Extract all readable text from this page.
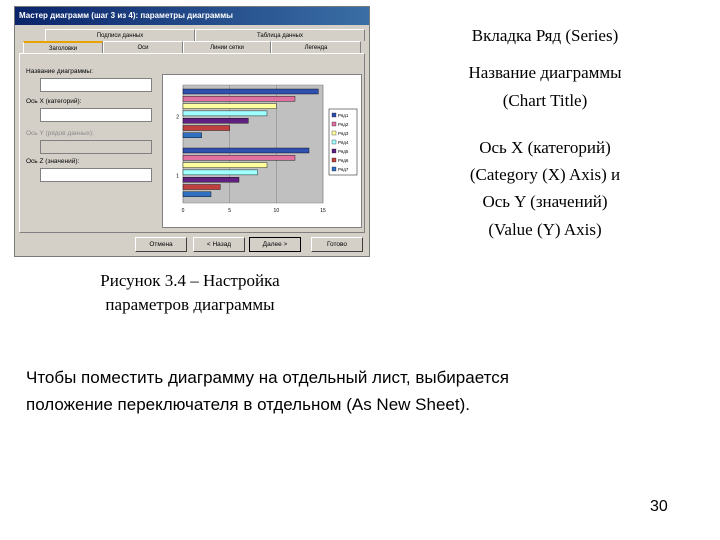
Мастер диаграмм (шаг 3 из 4): параметры диаграммы
Подписи данных	Таблица данных
Заголовки	Оси	Линии сетки	Легенда
Название диаграммы:
Ось X (категорий):
Ось Y (рядов данных):
Ось Z (значений):
0	5	10	15
2
1
Ряд1
Ряд2
Ряд3
Ряд4
Ряд5
Ряд6
Ряд7
Отмена	< Назад	Далее >	Готово
Вкладка Ряд (Series)
Название диаграммы
(Chart Title)
Ось X (категорий)
(Category (X) Axis) и
Ось Y (значений)
(Value (Y) Axis)
Рисунок 3.4 – Настройка
параметров диаграммы
Чтобы поместить диаграмму на отдельный лист, выбирается
положение переключателя в отдельном (As New Sheet).
30
